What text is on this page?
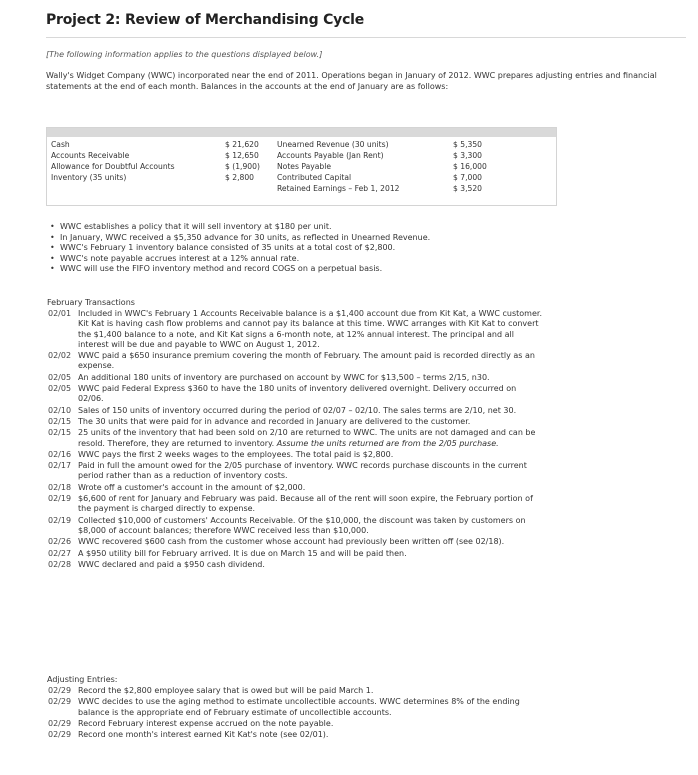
Project 2: Review of Merchandising Cycle
[The following information applies to the questions displayed below.]
Wally's Widget Company (WWC) incorporated near the end of 2011. Operations began in January of 2012. WWC prepares adjusting entries and financial statements at the end of each month. Balances in the accounts at the end of January are as follows:
Cash	$ 21,620	Unearned Revenue (30 units)	$ 5,350
Accounts Receivable	$ 12,650	Accounts Payable (Jan Rent)	$ 3,300
Allowance for Doubtful Accounts	$ (1,900)	Notes Payable	$ 16,000
Inventory (35 units)	$ 2,800	Contributed Capital	$ 7,000
		Retained Earnings – Feb 1, 2012	$ 3,520
• WWC establishes a policy that it will sell inventory at $180 per unit.
• In January, WWC received a $5,350 advance for 30 units, as reflected in Unearned Revenue.
• WWC's February 1 inventory balance consisted of 35 units at a total cost of $2,800.
• WWC's note payable accrues interest at a 12% annual rate.
• WWC will use the FIFO inventory method and record COGS on a perpetual basis.
February Transactions
02/01 Included in WWC's February 1 Accounts Receivable balance is a $1,400 account due from Kit Kat, a WWC customer. Kit Kat is having cash flow problems and cannot pay its balance at this time. WWC arranges with Kit Kat to convert the $1,400 balance to a note, and Kit Kat signs a 6-month note, at 12% annual interest. The principal and all interest will be due and payable to WWC on August 1, 2012.
02/02 WWC paid a $650 insurance premium covering the month of February. The amount paid is recorded directly as an expense.
02/05 An additional 180 units of inventory are purchased on account by WWC for $13,500 – terms 2/15, n30.
02/05 WWC paid Federal Express $360 to have the 180 units of inventory delivered overnight. Delivery occurred on 02/06.
02/10 Sales of 150 units of inventory occurred during the period of 02/07 – 02/10. The sales terms are 2/10, net 30.
02/15 The 30 units that were paid for in advance and recorded in January are delivered to the customer.
02/15 25 units of the inventory that had been sold on 2/10 are returned to WWC. The units are not damaged and can be resold. Therefore, they are returned to inventory. Assume the units returned are from the 2/05 purchase.
02/16 WWC pays the first 2 weeks wages to the employees. The total paid is $2,800.
02/17 Paid in full the amount owed for the 2/05 purchase of inventory. WWC records purchase discounts in the current period rather than as a reduction of inventory costs.
02/18 Wrote off a customer's account in the amount of $2,000.
02/19 $6,600 of rent for January and February was paid. Because all of the rent will soon expire, the February portion of the payment is charged directly to expense.
02/19 Collected $10,000 of customers' Accounts Receivable. Of the $10,000, the discount was taken by customers on $8,000 of account balances; therefore WWC received less than $10,000.
02/26 WWC recovered $600 cash from the customer whose account had previously been written off (see 02/18).
02/27 A $950 utility bill for February arrived. It is due on March 15 and will be paid then.
02/28 WWC declared and paid a $950 cash dividend.
Adjusting Entries:
02/29 Record the $2,800 employee salary that is owed but will be paid March 1.
02/29 WWC decides to use the aging method to estimate uncollectible accounts. WWC determines 8% of the ending balance is the appropriate end of February estimate of uncollectible accounts.
02/29 Record February interest expense accrued on the note payable.
02/29 Record one month's interest earned Kit Kat's note (see 02/01).
